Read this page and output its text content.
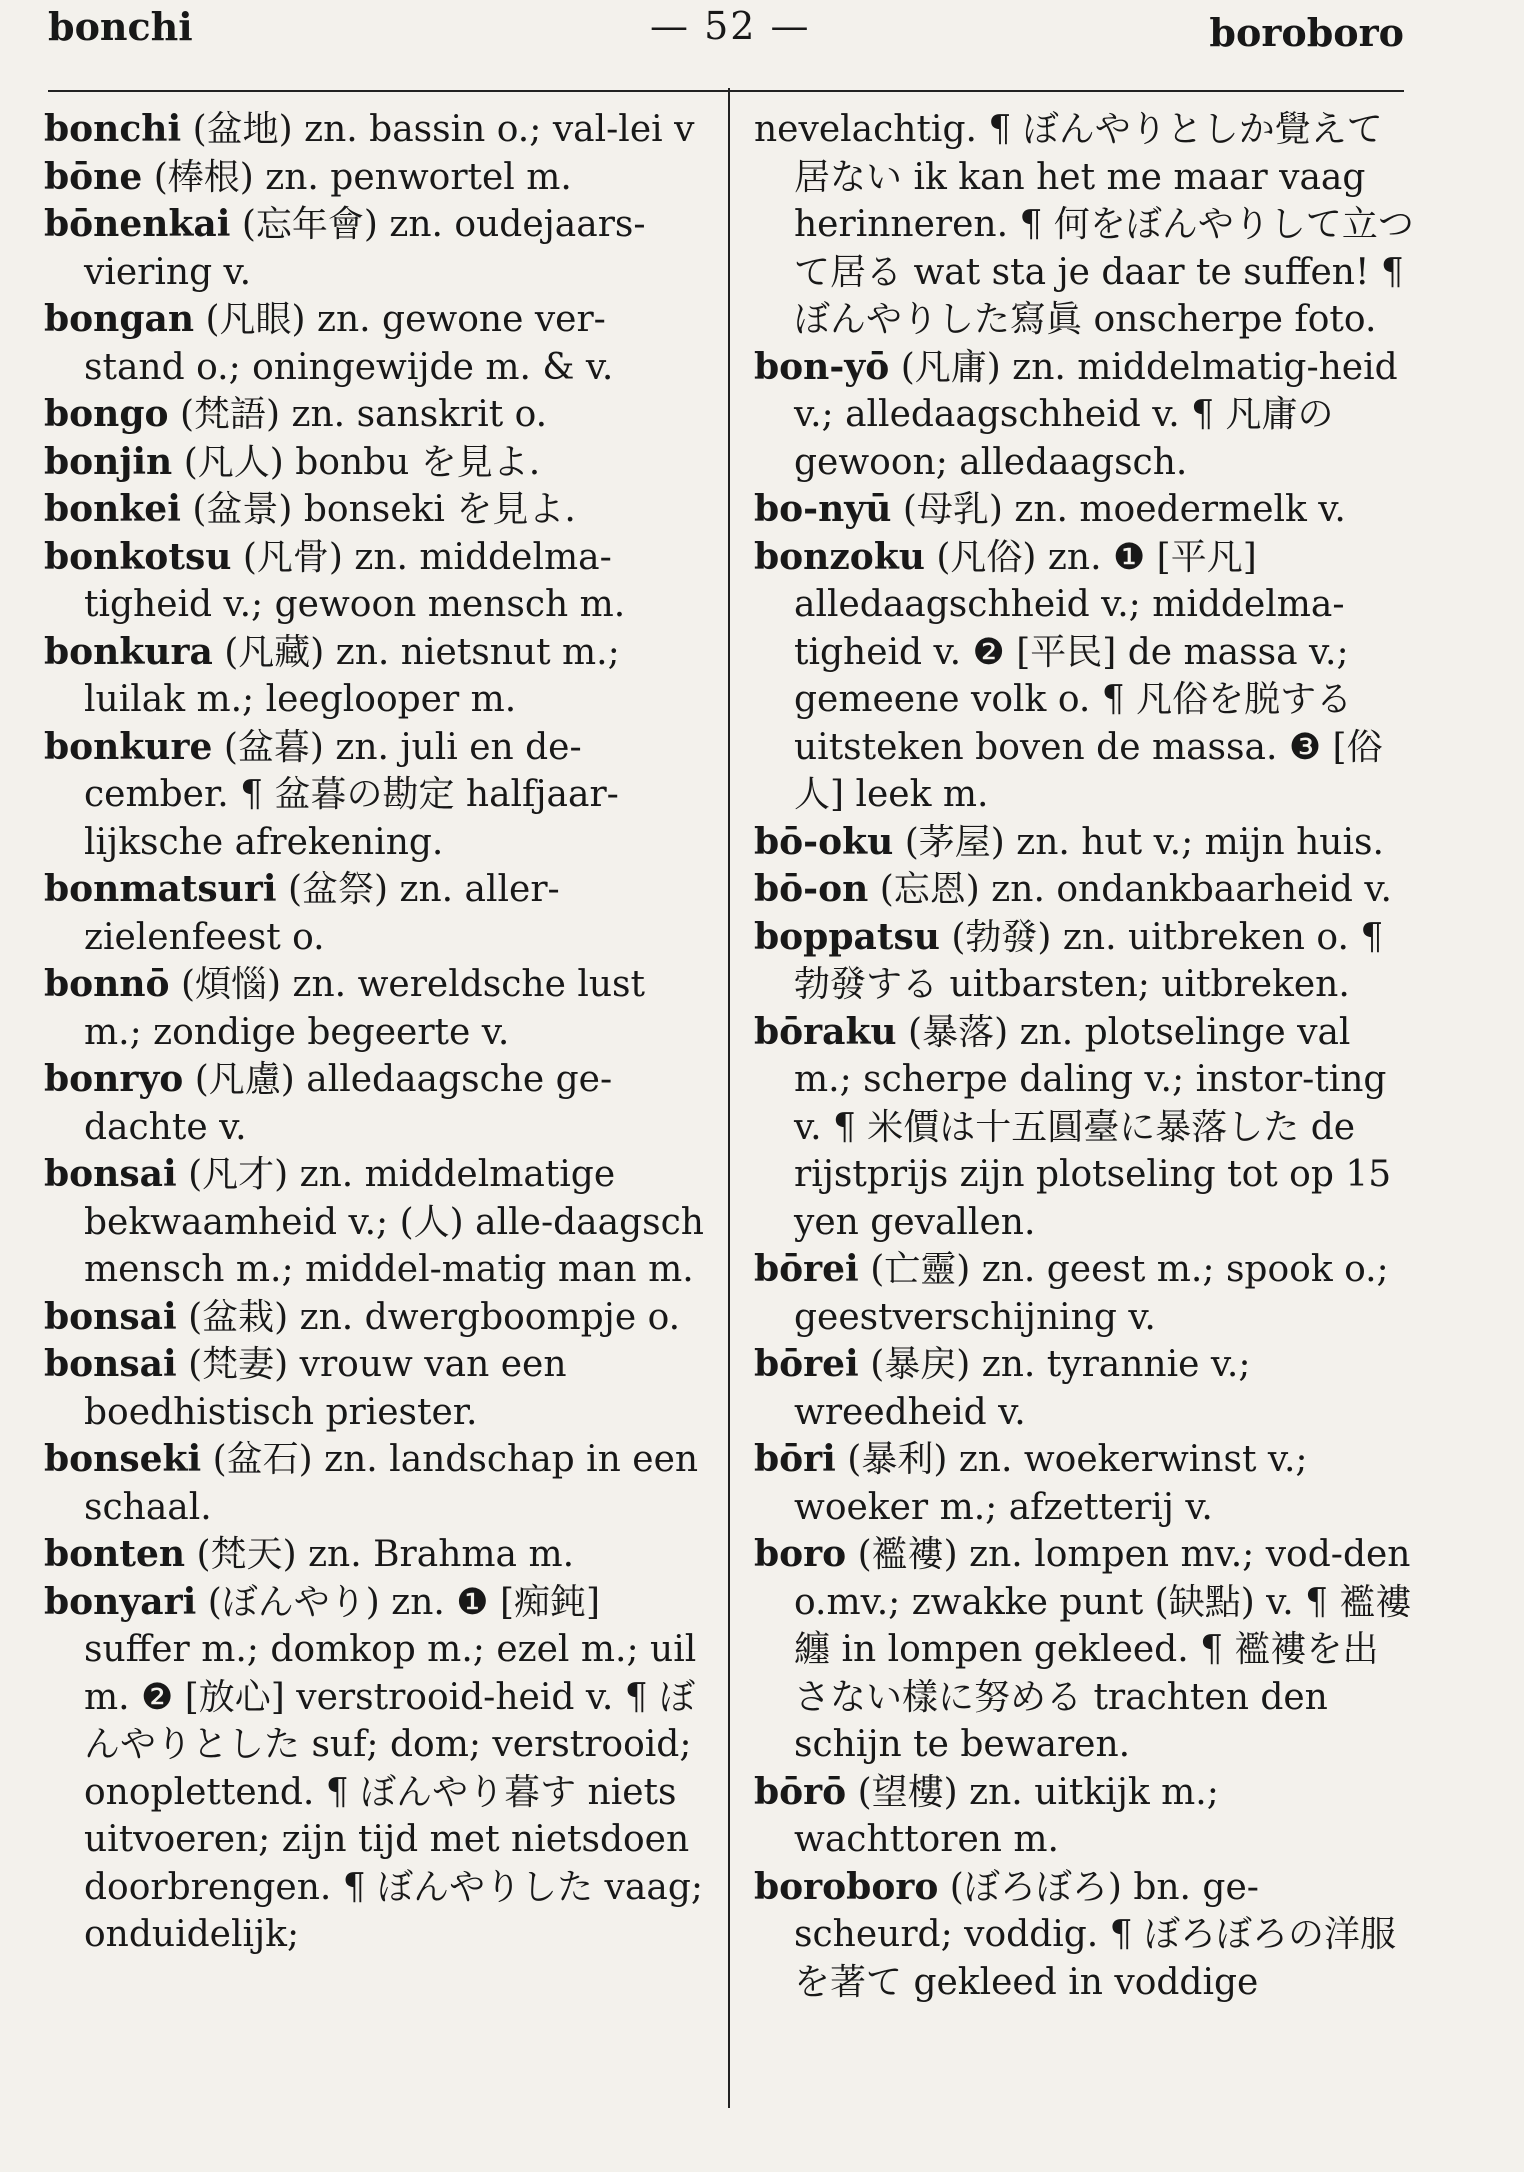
bonchi	— 52 —	boroboro

bonchi (盆地) zn. bassin o.; val-lei v

bōne (棒根) zn. penwortel m.

bōnenkai (忘年會) zn. oudejaars-viering v.

bongan (凡眼) zn. gewone ver-stand o.; oningewijde m. & v.

bongo (梵語) zn. sanskrit o.

bonjin (凡人) bonbu を見よ.

bonkei (盆景) bonseki を見よ.

bonkotsu (凡骨) zn. middelma-tigheid v.; gewoon mensch m.

bonkura (凡藏) zn. nietsnut m.; luilak m.; leeglooper m.

bonkure (盆暮) zn. juli en de-cember. ¶ 盆暮の勘定 halfjaar-lijksche afrekening.

bonmatsuri (盆祭) zn. aller-zielenfeest o.

bonnō (煩惱) zn. wereldsche lust m.; zondige begeerte v.

bonryo (凡慮) alledaagsche ge-dachte v.

bonsai (凡才) zn. middelmatige bekwaamheid v.; (人) alle-daagsch mensch m.; middel-matig man m.

bonsai (盆栽) zn. dwergboompje o.

bonsai (梵妻) vrouw van een boedhistisch priester.

bonseki (盆石) zn. landschap in een schaal.

bonten (梵天) zn. Brahma m.

bonyari (ぼんやり) zn. ❶ [痴鈍] suffer m.; domkop m.; ezel m.; uil m. ❷ [放心] verstrooid-heid v. ¶ ぼんやりとした suf; dom; verstrooid; onoplettend. ¶ ぼんやり暮す niets uitvoeren; zijn tijd met nietsdoen doorbrengen. ¶ ぼんやりした vaag; onduidelijk;

nevelachtig. ¶ ぼんやりとしか覺えて居ない ik kan het me maar vaag herinneren. ¶ 何をぼんやりして立つて居る wat sta je daar te suffen! ¶ ぼんやりした寫眞 onscherpe foto.

bon-yō (凡庸) zn. middelmatig-heid v.; alledaagschheid v. ¶ 凡庸の gewoon; alledaagsch.

bo-nyū (母乳) zn. moedermelk v.

bonzoku (凡俗) zn. ❶ [平凡] alledaagschheid v.; middelma-tigheid v. ❷ [平民] de massa v.; gemeene volk o. ¶ 凡俗を脱する uitsteken boven de massa. ❸ [俗人] leek m.

bō-oku (茅屋) zn. hut v.; mijn huis.

bō-on (忘恩) zn. ondankbaarheid v.

boppatsu (勃發) zn. uitbreken o. ¶ 勃發する uitbarsten; uitbreken.

bōraku (暴落) zn. plotselinge val m.; scherpe daling v.; instor-ting v. ¶ 米價は十五圓臺に暴落した de rijstprijs zijn plotseling tot op 15 yen gevallen.

bōrei (亡靈) zn. geest m.; spook o.; geestverschijning v.

bōrei (暴戻) zn. tyrannie v.; wreedheid v.

bōri (暴利) zn. woekerwinst v.; woeker m.; afzetterij v.

boro (襤褸) zn. lompen mv.; vod-den o.mv.; zwakke punt (缺點) v. ¶ 襤褸纏 in lompen gekleed. ¶ 襤褸を出さない樣に努める trachten den schijn te bewaren.

bōrō (望樓) zn. uitkijk m.; wachttoren m.

boroboro (ぼろぼろ) bn. ge-scheurd; voddig. ¶ ぼろぼろの洋服を著て gekleed in voddige
